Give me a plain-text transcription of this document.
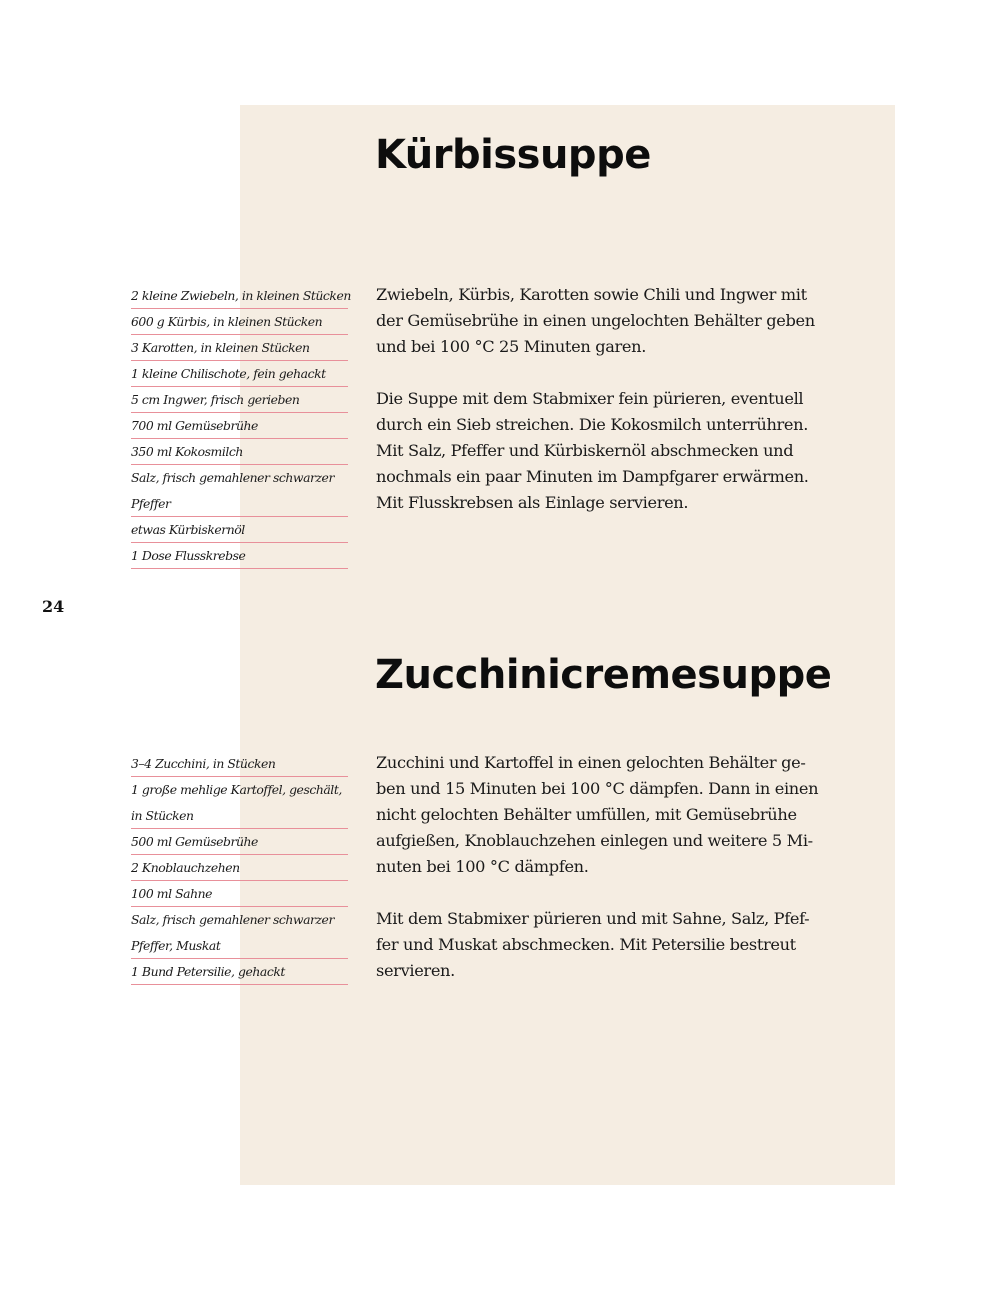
24
Kürbissuppe
2 kleine Zwiebeln, in kleinen Stücken
600 g Kürbis, in kleinen Stücken
3 Karotten, in kleinen Stücken
1 kleine Chilischote, fein gehackt
5 cm Ingwer, frisch gerieben
700 ml Gemüsebrühe
350 ml Kokosmilch
Salz, frisch gemahlener schwarzer
Pfeffer
etwas Kürbiskernöl
1 Dose Flusskrebse

Zwiebeln, Kürbis, Karotten sowie Chili und Ingwer mit
der Gemüsebrühe in einen ungelochten Behälter geben
und bei 100 °C 25 Minuten garen.

Die Suppe mit dem Stabmixer fein pürieren, eventuell
durch ein Sieb streichen. Die Kokosmilch unterrühren.
Mit Salz, Pfeffer und Kürbiskernöl abschmecken und
nochmals ein paar Minuten im Dampfgarer erwärmen.
Mit Flusskrebsen als Einlage servieren.

Zucchinicremesuppe
3–4 Zucchini, in Stücken
1 große mehlige Kartoffel, geschält,
in Stücken
500 ml Gemüsebrühe
2 Knoblauchzehen
100 ml Sahne
Salz, frisch gemahlener schwarzer
Pfeffer, Muskat
1 Bund Petersilie, gehackt

Zucchini und Kartoffel in einen gelochten Behälter ge-
ben und 15 Minuten bei 100 °C dämpfen. Dann in einen
nicht gelochten Behälter umfüllen, mit Gemüsebrühe
aufgießen, Knoblauchzehen einlegen und weitere 5 Mi-
nuten bei 100 °C dämpfen.

Mit dem Stabmixer pürieren und mit Sahne, Salz, Pfef-
fer und Muskat abschmecken. Mit Petersilie bestreut
servieren.
